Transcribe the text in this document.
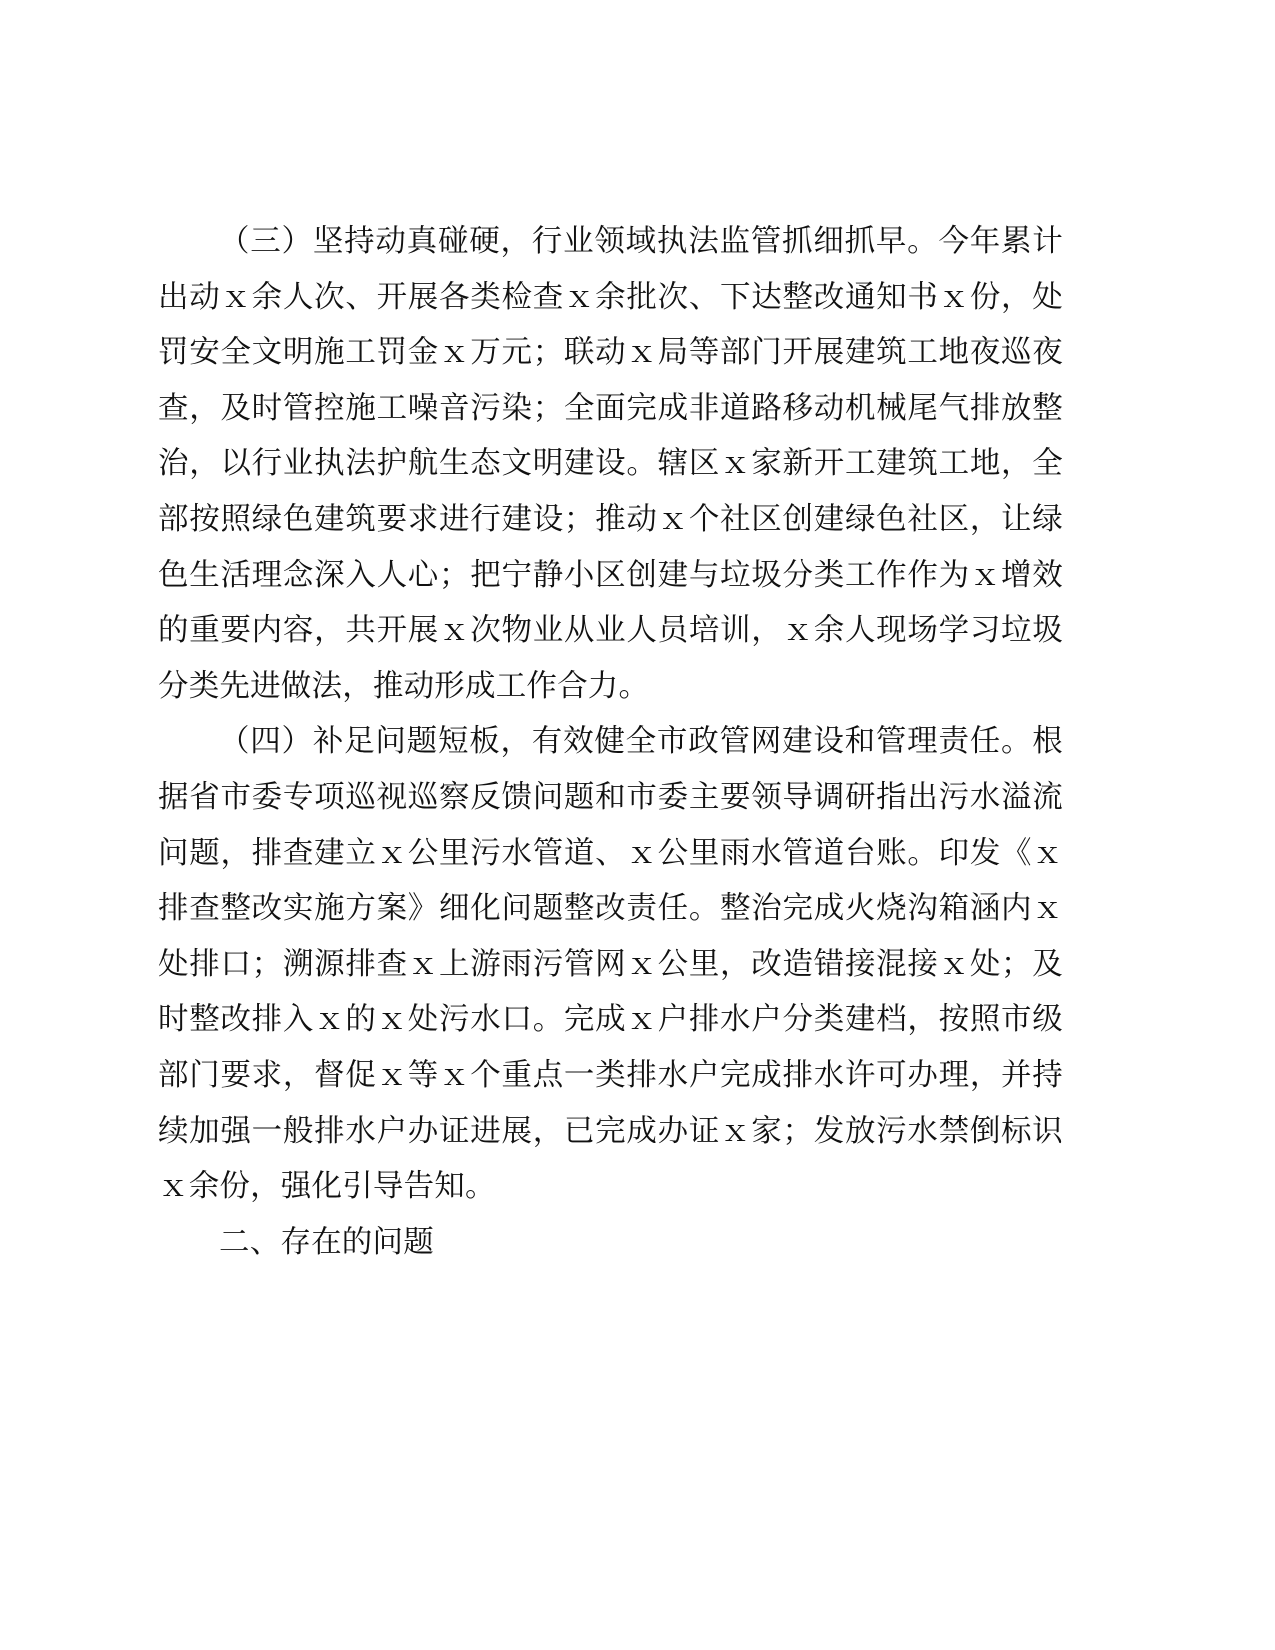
（三）坚持动真碰硬，行业领域执法监管抓细抓早。今年累计出动ｘ余人次、开展各类检查ｘ余批次、下达整改通知书ｘ份，处罚安全文明施工罚金ｘ万元；联动ｘ局等部门开展建筑工地夜巡夜查，及时管控施工噪音污染；全面完成非道路移动机械尾气排放整治，以行业执法护航生态文明建设。辖区ｘ家新开工建筑工地，全部按照绿色建筑要求进行建设；推动ｘ个社区创建绿色社区，让绿色生活理念深入人心；把宁静小区创建与垃圾分类工作作为ｘ增效的重要内容，共开展ｘ次物业从业人员培训，ｘ余人现场学习垃圾分类先进做法，推动形成工作合力。

（四）补足问题短板，有效健全市政管网建设和管理责任。根据省市委专项巡视巡察反馈问题和市委主要领导调研指出污水溢流问题，排查建立ｘ公里污水管道、ｘ公里雨水管道台账。印发《ｘ排查整改实施方案》细化问题整改责任。整治完成火烧沟箱涵内ｘ处排口；溯源排查ｘ上游雨污管网ｘ公里，改造错接混接ｘ处；及时整改排入ｘ的ｘ处污水口。完成ｘ户排水户分类建档，按照市级部门要求，督促ｘ等ｘ个重点一类排水户完成排水许可办理，并持续加强一般排水户办证进展，已完成办证ｘ家；发放污水禁倒标识ｘ余份，强化引导告知。

二、存在的问题
